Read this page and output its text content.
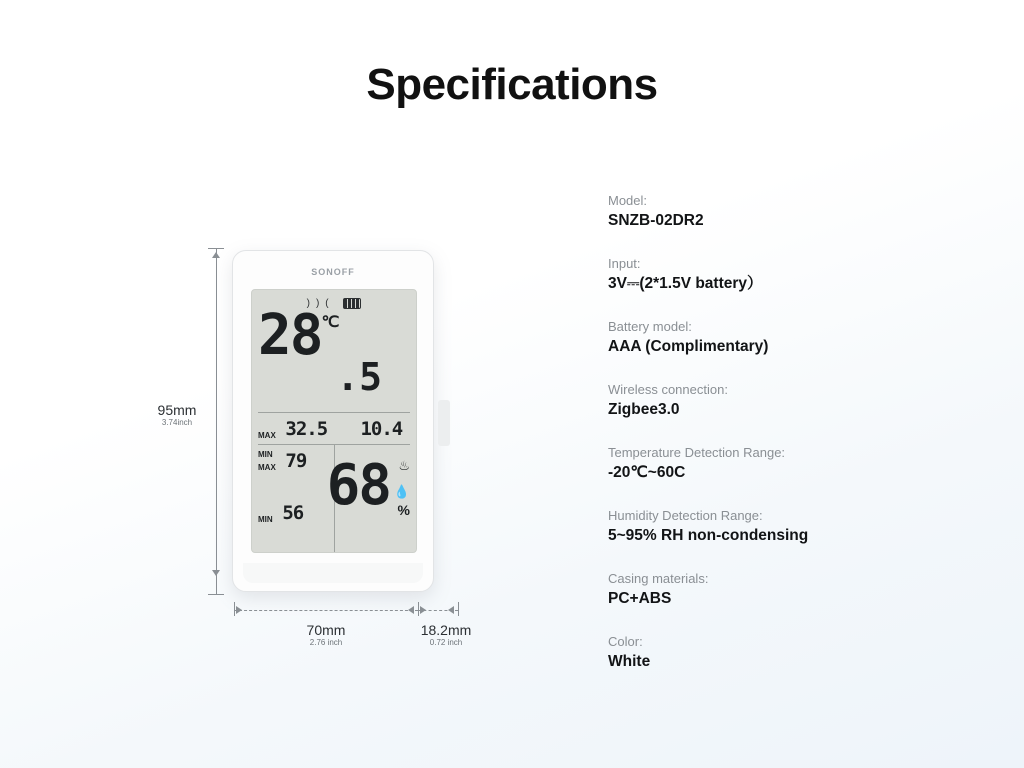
Specifications
95mm
3.74inch
SONOFF
))(
28℃
.5
MAX 32.5 10.4 MIN
MAX 79
MIN 56 68 ♨
💧
%
70mm
2.76 inch
18.2mm
0.72 inch
Model:
SNZB-02DR2
Input:
3V⎓(2*1.5V battery）
Battery model:
AAA (Complimentary)
Wireless connection:
Zigbee3.0
Temperature Detection Range:
-20℃~60C
Humidity Detection Range:
5~95% RH non-condensing
Casing materials:
PC+ABS
Color:
White
